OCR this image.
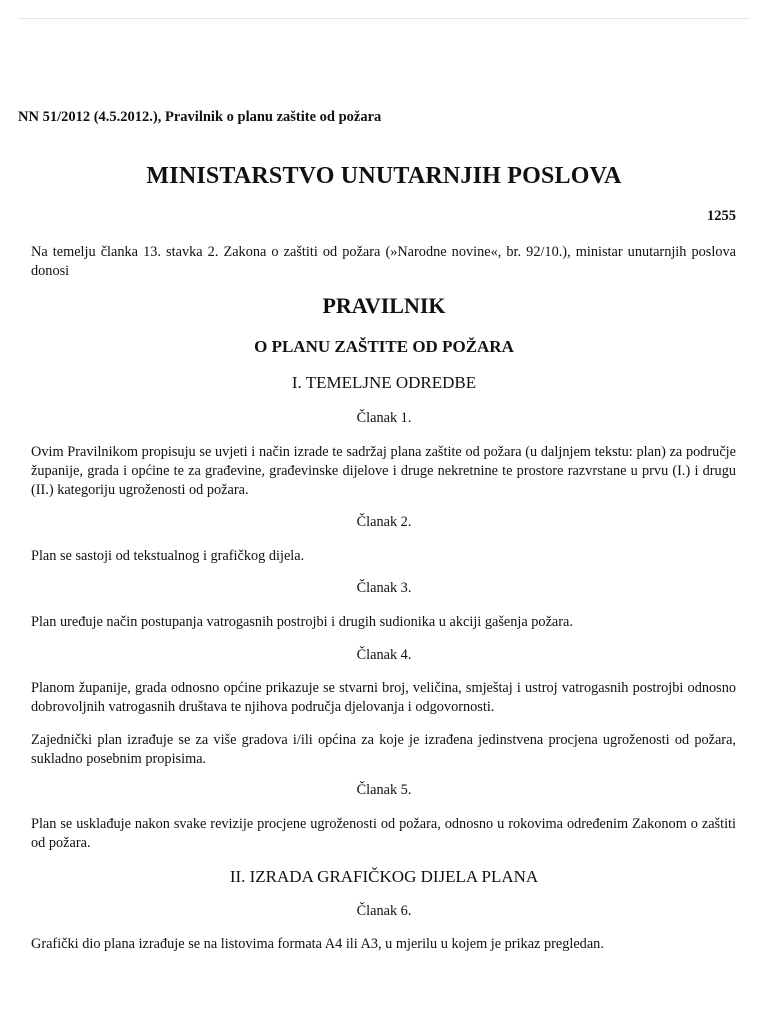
NN 51/2012 (4.5.2012.), Pravilnik o planu zaštite od požara

MINISTARSTVO UNUTARNJIH POSLOVA

1255

Na temelju članka 13. stavka 2. Zakona o zaštiti od požara (»Narodne novine«, br. 92/10.), ministar unutarnjih poslova donosi

PRAVILNIK
O PLANU ZAŠTITE OD POŽARA
I. TEMELJNE ODREDBE

Članak 1.

Ovim Pravilnikom propisuju se uvjeti i način izrade te sadržaj plana zaštite od požara (u daljnjem tekstu: plan) za područje županije, grada i općine te za građevine, građevinske dijelove i druge nekretnine te prostore razvrstane u prvu (I.) i drugu (II.) kategoriju ugroženosti od požara.

Članak 2.

Plan se sastoji od tekstualnog i grafičkog dijela.

Članak 3.

Plan uređuje način postupanja vatrogasnih postrojbi i drugih sudionika u akciji gašenja požara.

Članak 4.

Planom županije, grada odnosno općine prikazuje se stvarni broj, veličina, smještaj i ustroj vatrogasnih postrojbi odnosno dobrovoljnih vatrogasnih društava te njihova područja djelovanja i odgovornosti.

Zajednički plan izrađuje se za više gradova i/ili općina za koje je izrađena jedinstvena procjena ugroženosti od požara, sukladno posebnim propisima.

Članak 5.

Plan se usklađuje nakon svake revizije procjene ugroženosti od požara, odnosno u rokovima određenim Zakonom o zaštiti od požara.

II. IZRADA GRAFIČKOG DIJELA PLANA

Članak 6.

Grafički dio plana izrađuje se na listovima formata A4 ili A3, u mjerilu u kojem je prikaz pregledan.
